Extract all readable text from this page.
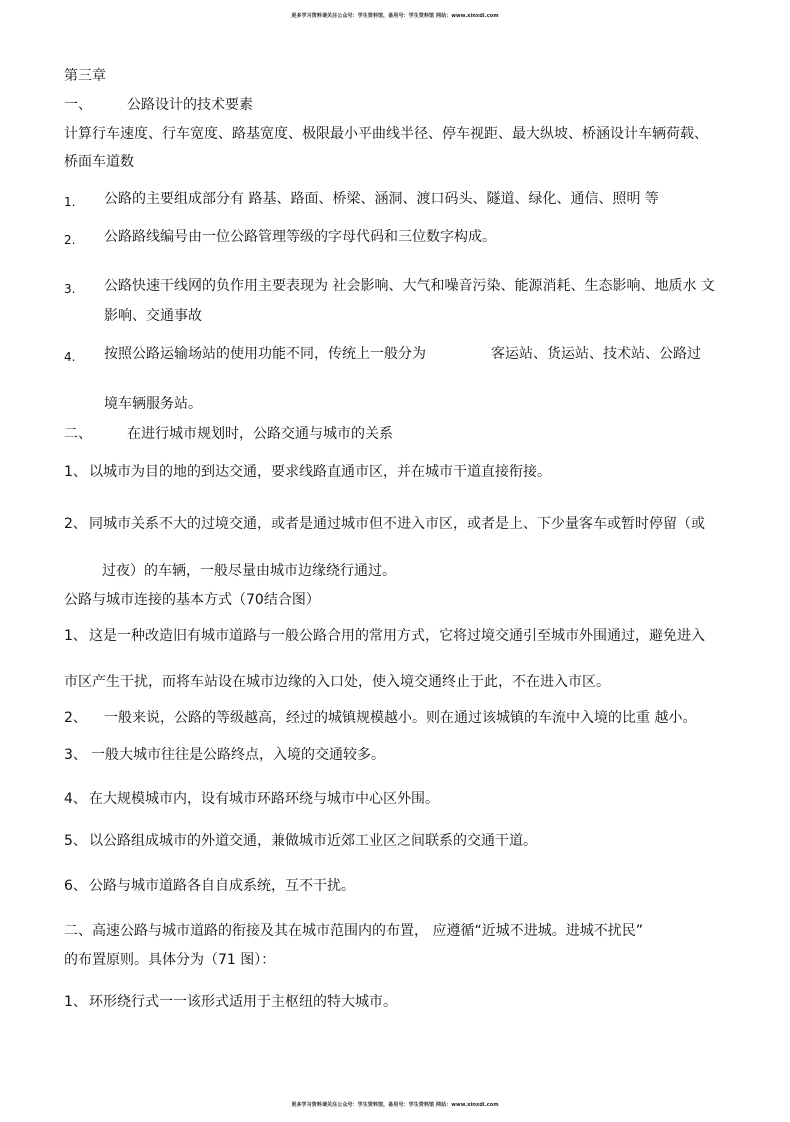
更多学习资料请关注公众号：学生资料馆，备用号：学生资料馆 网站：www.xinxdi.com
第三章
一、	公路设计的技术要素
计算行车速度、行车宽度、路基宽度、极限最小平曲线半径、停车视距、最大纵坡、桥涵设计车辆荷载、
桥面车道数
1. 公路的主要组成部分有 路基、路面、桥梁、涵洞、渡口码头、隧道、绿化、通信、照明 等
2. 公路路线编号由一位公路管理等级的字母代码和三位数字构成。
3. 公路快速干线网的负作用主要表现为 社会影响、大气和噪音污染、能源消耗、生态影响、地质水 文
影响、交通事故
4. 按照公路运输场站的使用功能不同，传统上一般分为	客运站、货运站、技术站、公路过
境车辆服务站。
二、	在进行城市规划时，公路交通与城市的关系
1、 以城市为目的地的到达交通，要求线路直通市区，并在城市干道直接衔接。
2、 同城市关系不大的过境交通，或者是通过城市但不进入市区，或者是上、下少量客车或暂时停留（或
过夜）的车辆，一般尽量由城市边缘绕行通过。
公路与城市连接的基本方式（70结合图）
1、 这是一种改造旧有城市道路与一般公路合用的常用方式，它将过境交通引至城市外围通过，避免进入
市区产生干扰，而将车站设在城市边缘的入口处，使入境交通终止于此，不在进入市区。
2、 一般来说，公路的等级越高，经过的城镇规模越小。则在通过该城镇的车流中入境的比重 越小。
3、 一般大城市往往是公路终点，入境的交通较多。
4、 在大规模城市内，设有城市环路环绕与城市中心区外围。
5、 以公路组成城市的外道交通，兼做城市近郊工业区之间联系的交通干道。
6、 公路与城市道路各自自成系统，互不干扰。
二、高速公路与城市道路的衔接及其在城市范围内的布置， 应遵循“近城不进城。进城不扰民”
的布置原则。具体分为（71 图）：
1、 环形绕行式一一该形式适用于主枢纽的特大城市。
更多学习资料请关注公众号：学生资料馆，备用号：学生资料馆 网站：www.xinxdi.com
